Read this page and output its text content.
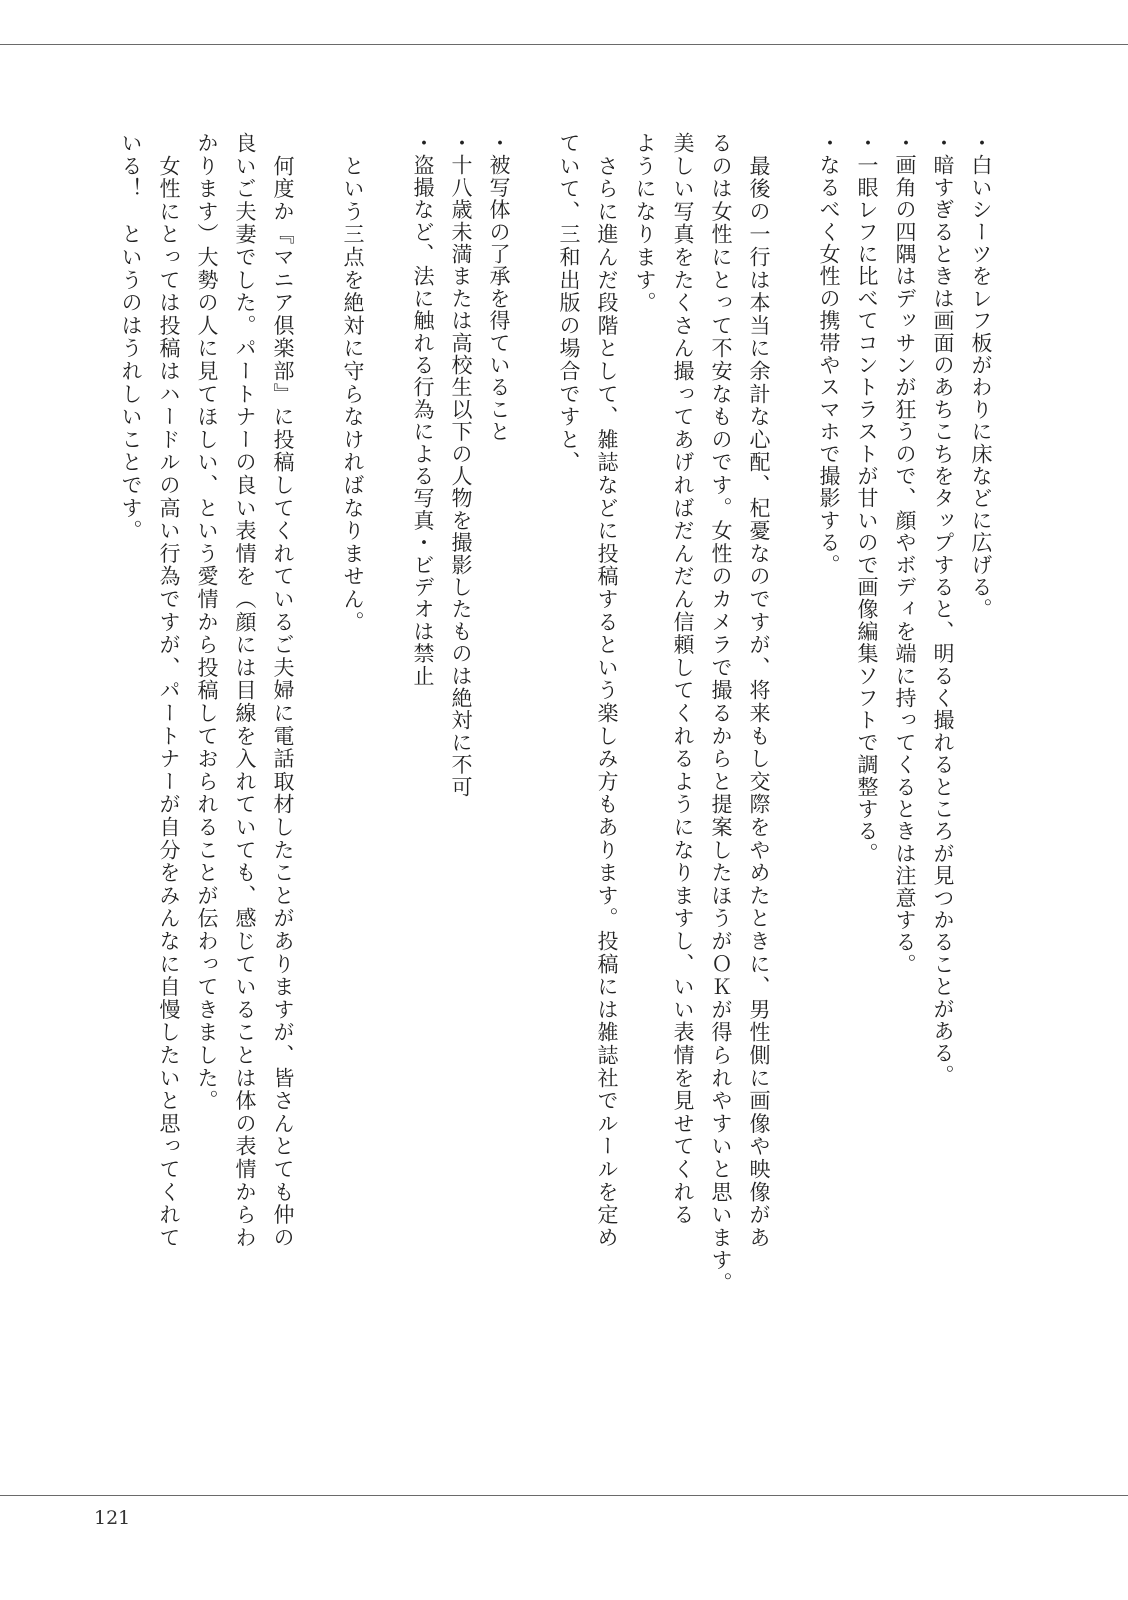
・白いシーツをレフ板がわりに床などに広げる。
・暗すぎるときは画面のあちこちをタップすると、明るく撮れるところが見つかることがある。
・画角の四隅はデッサンが狂うので、顔やボディを端に持ってくるときは注意する。
・一眼レフに比べてコントラストが甘いので画像編集ソフトで調整する。
・なるべく女性の携帯やスマホで撮影する。
　最後の一行は本当に余計な心配、杞憂なのですが、将来もし交際をやめたときに、男性側に画像や映像があ
るのは女性にとって不安なものです。女性のカメラで撮るからと提案したほうがＯＫが得られやすいと思います。
美しい写真をたくさん撮ってあげればだんだん信頼してくれるようになりますし、いい表情を見せてくれる
ようになります。
　さらに進んだ段階として、雑誌などに投稿するという楽しみ方もあります。投稿には雑誌社でルールを定め
ていて、三和出版の場合ですと、
・被写体の了承を得ていること
・十八歳未満または高校生以下の人物を撮影したものは絶対に不可
・盗撮など、法に触れる行為による写真・ビデオは禁止
　という三点を絶対に守らなければなりません。
　何度か『マニア倶楽部』に投稿してくれているご夫婦に電話取材したことがありますが、皆さんとても仲の
良いご夫妻でした。パートナーの良い表情を（顔には目線を入れていても、感じていることは体の表情からわ
かります）大勢の人に見てほしい、という愛情から投稿しておられることが伝わってきました。
　女性にとっては投稿はハードルの高い行為ですが、パートナーが自分をみんなに自慢したいと思ってくれて
いる！　というのはうれしいことです。
121
